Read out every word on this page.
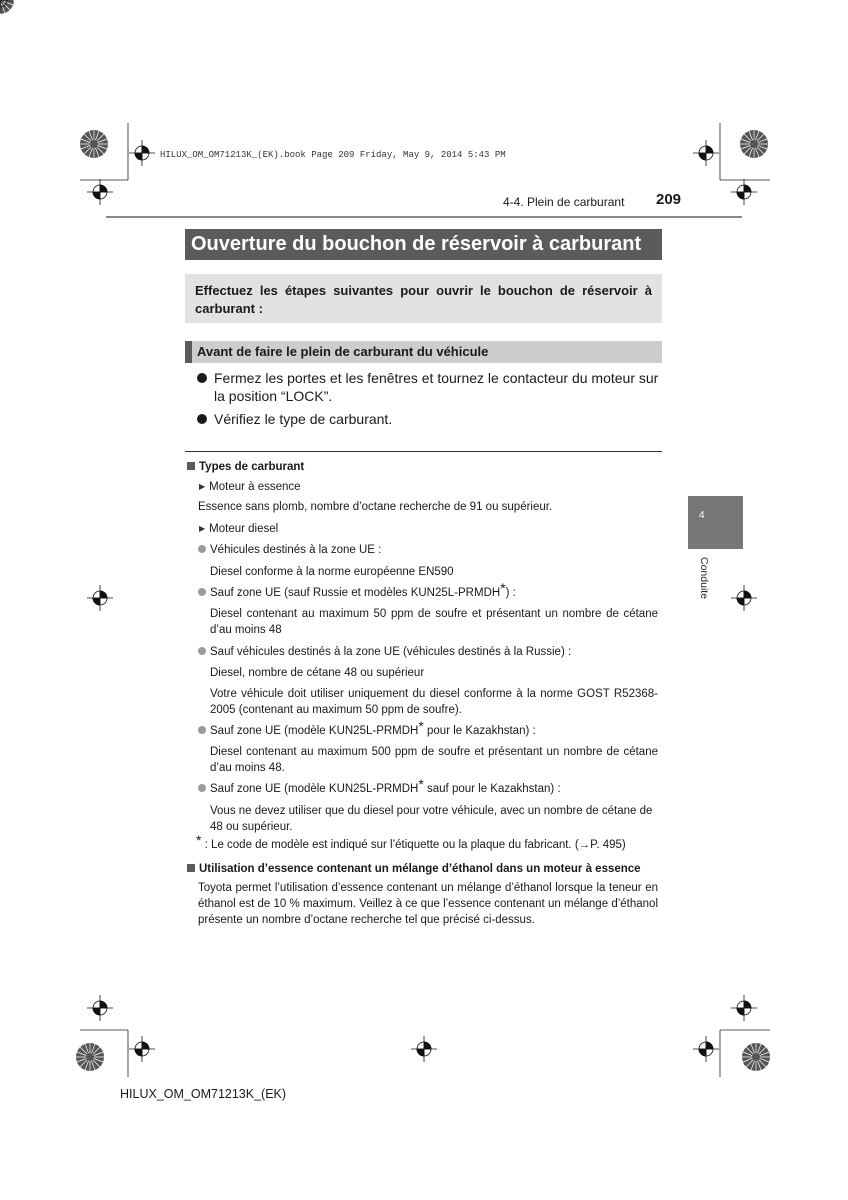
HILUX_OM_OM71213K_(EK).book Page 209 Friday, May 9, 2014 5:43 PM
4-4. Plein de carburant 209
Ouverture du bouchon de réservoir à carburant
Effectuez les étapes suivantes pour ouvrir le bouchon de réservoir à carburant :
Avant de faire le plein de carburant du véhicule
Fermez les portes et les fenêtres et tournez le contacteur du moteur sur la position “LOCK”.
Vérifiez le type de carburant.
Types de carburant
▶ Moteur à essence
Essence sans plomb, nombre d’octane recherche de 91 ou supérieur.
▶ Moteur diesel
Véhicules destinés à la zone UE :
Diesel conforme à la norme européenne EN590
Sauf zone UE (sauf Russie et modèles KUN25L-PRMDH*) :
Diesel contenant au maximum 50 ppm de soufre et présentant un nombre de cétane d’au moins 48
Sauf véhicules destinés à la zone UE (véhicules destinés à la Russie) :
Diesel, nombre de cétane 48 ou supérieur
Votre véhicule doit utiliser uniquement du diesel conforme à la norme GOST R52368-2005 (contenant au maximum 50 ppm de soufre).
Sauf zone UE (modèle KUN25L-PRMDH* pour le Kazakhstan) :
Diesel contenant au maximum 500 ppm de soufre et présentant un nombre de cétane d’au moins 48.
Sauf zone UE (modèle KUN25L-PRMDH* sauf pour le Kazakhstan) :
Vous ne devez utiliser que du diesel pour votre véhicule, avec un nombre de cétane de 48 ou supérieur.
* : Le code de modèle est indiqué sur l’étiquette ou la plaque du fabricant. (→P. 495)
Utilisation d’essence contenant un mélange d’éthanol dans un moteur à essence
Toyota permet l’utilisation d’essence contenant un mélange d’éthanol lorsque la teneur en éthanol est de 10 % maximum. Veillez à ce que l’essence contenant un mélange d’éthanol présente un nombre d’octane recherche tel que précisé ci-dessus.
4
Conduite
HILUX_OM_OM71213K_(EK)
